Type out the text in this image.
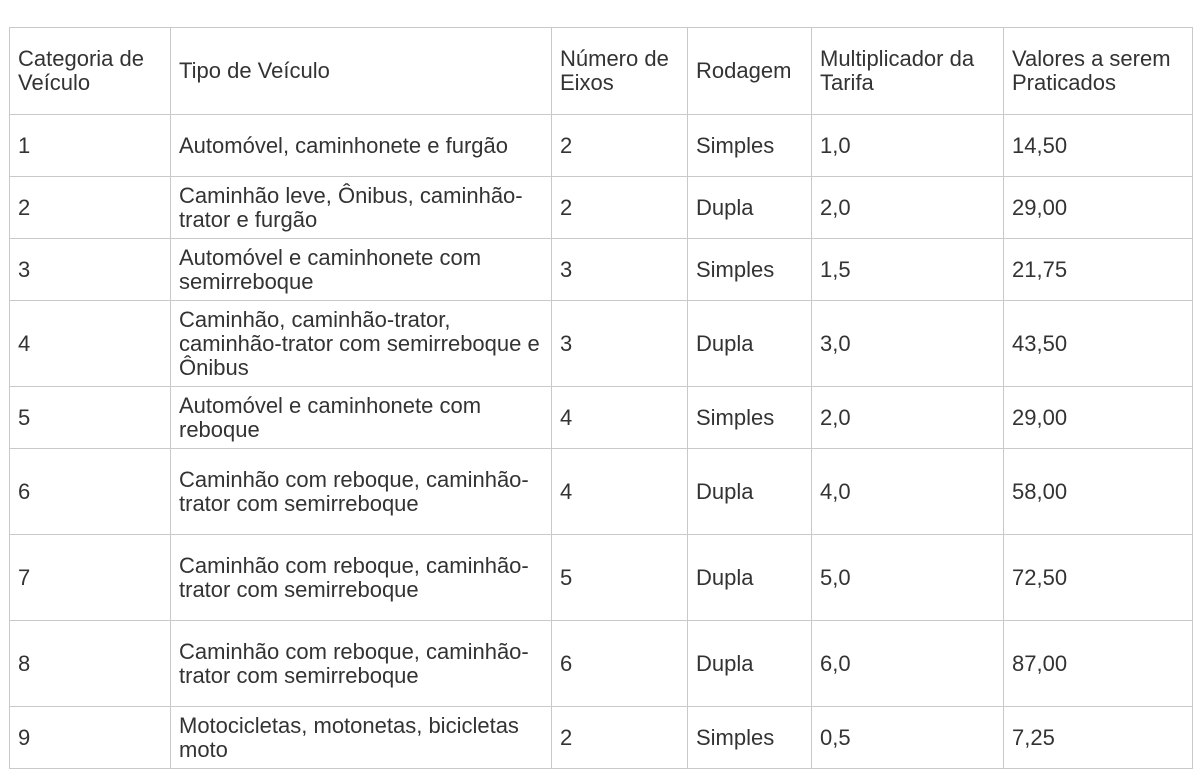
Categoria de Veículo	Tipo de Veículo	Número de Eixos	Rodagem	Multiplicador da Tarifa	Valores a serem Praticados
1	Automóvel, caminhonete e furgão	2	Simples	1,0	14,50
2	Caminhão leve, Ônibus, caminhão-trator e furgão	2	Dupla	2,0	29,00
3	Automóvel e caminhonete com semirreboque	3	Simples	1,5	21,75
4	Caminhão, caminhão-trator, caminhão-trator com semirreboque e Ônibus	3	Dupla	3,0	43,50
5	Automóvel e caminhonete com reboque	4	Simples	2,0	29,00
6	Caminhão com reboque, caminhão-trator com semirreboque	4	Dupla	4,0	58,00
7	Caminhão com reboque, caminhão-trator com semirreboque	5	Dupla	5,0	72,50
8	Caminhão com reboque, caminhão-trator com semirreboque	6	Dupla	6,0	87,00
9	Motocicletas, motonetas, bicicletas moto	2	Simples	0,5	7,25
